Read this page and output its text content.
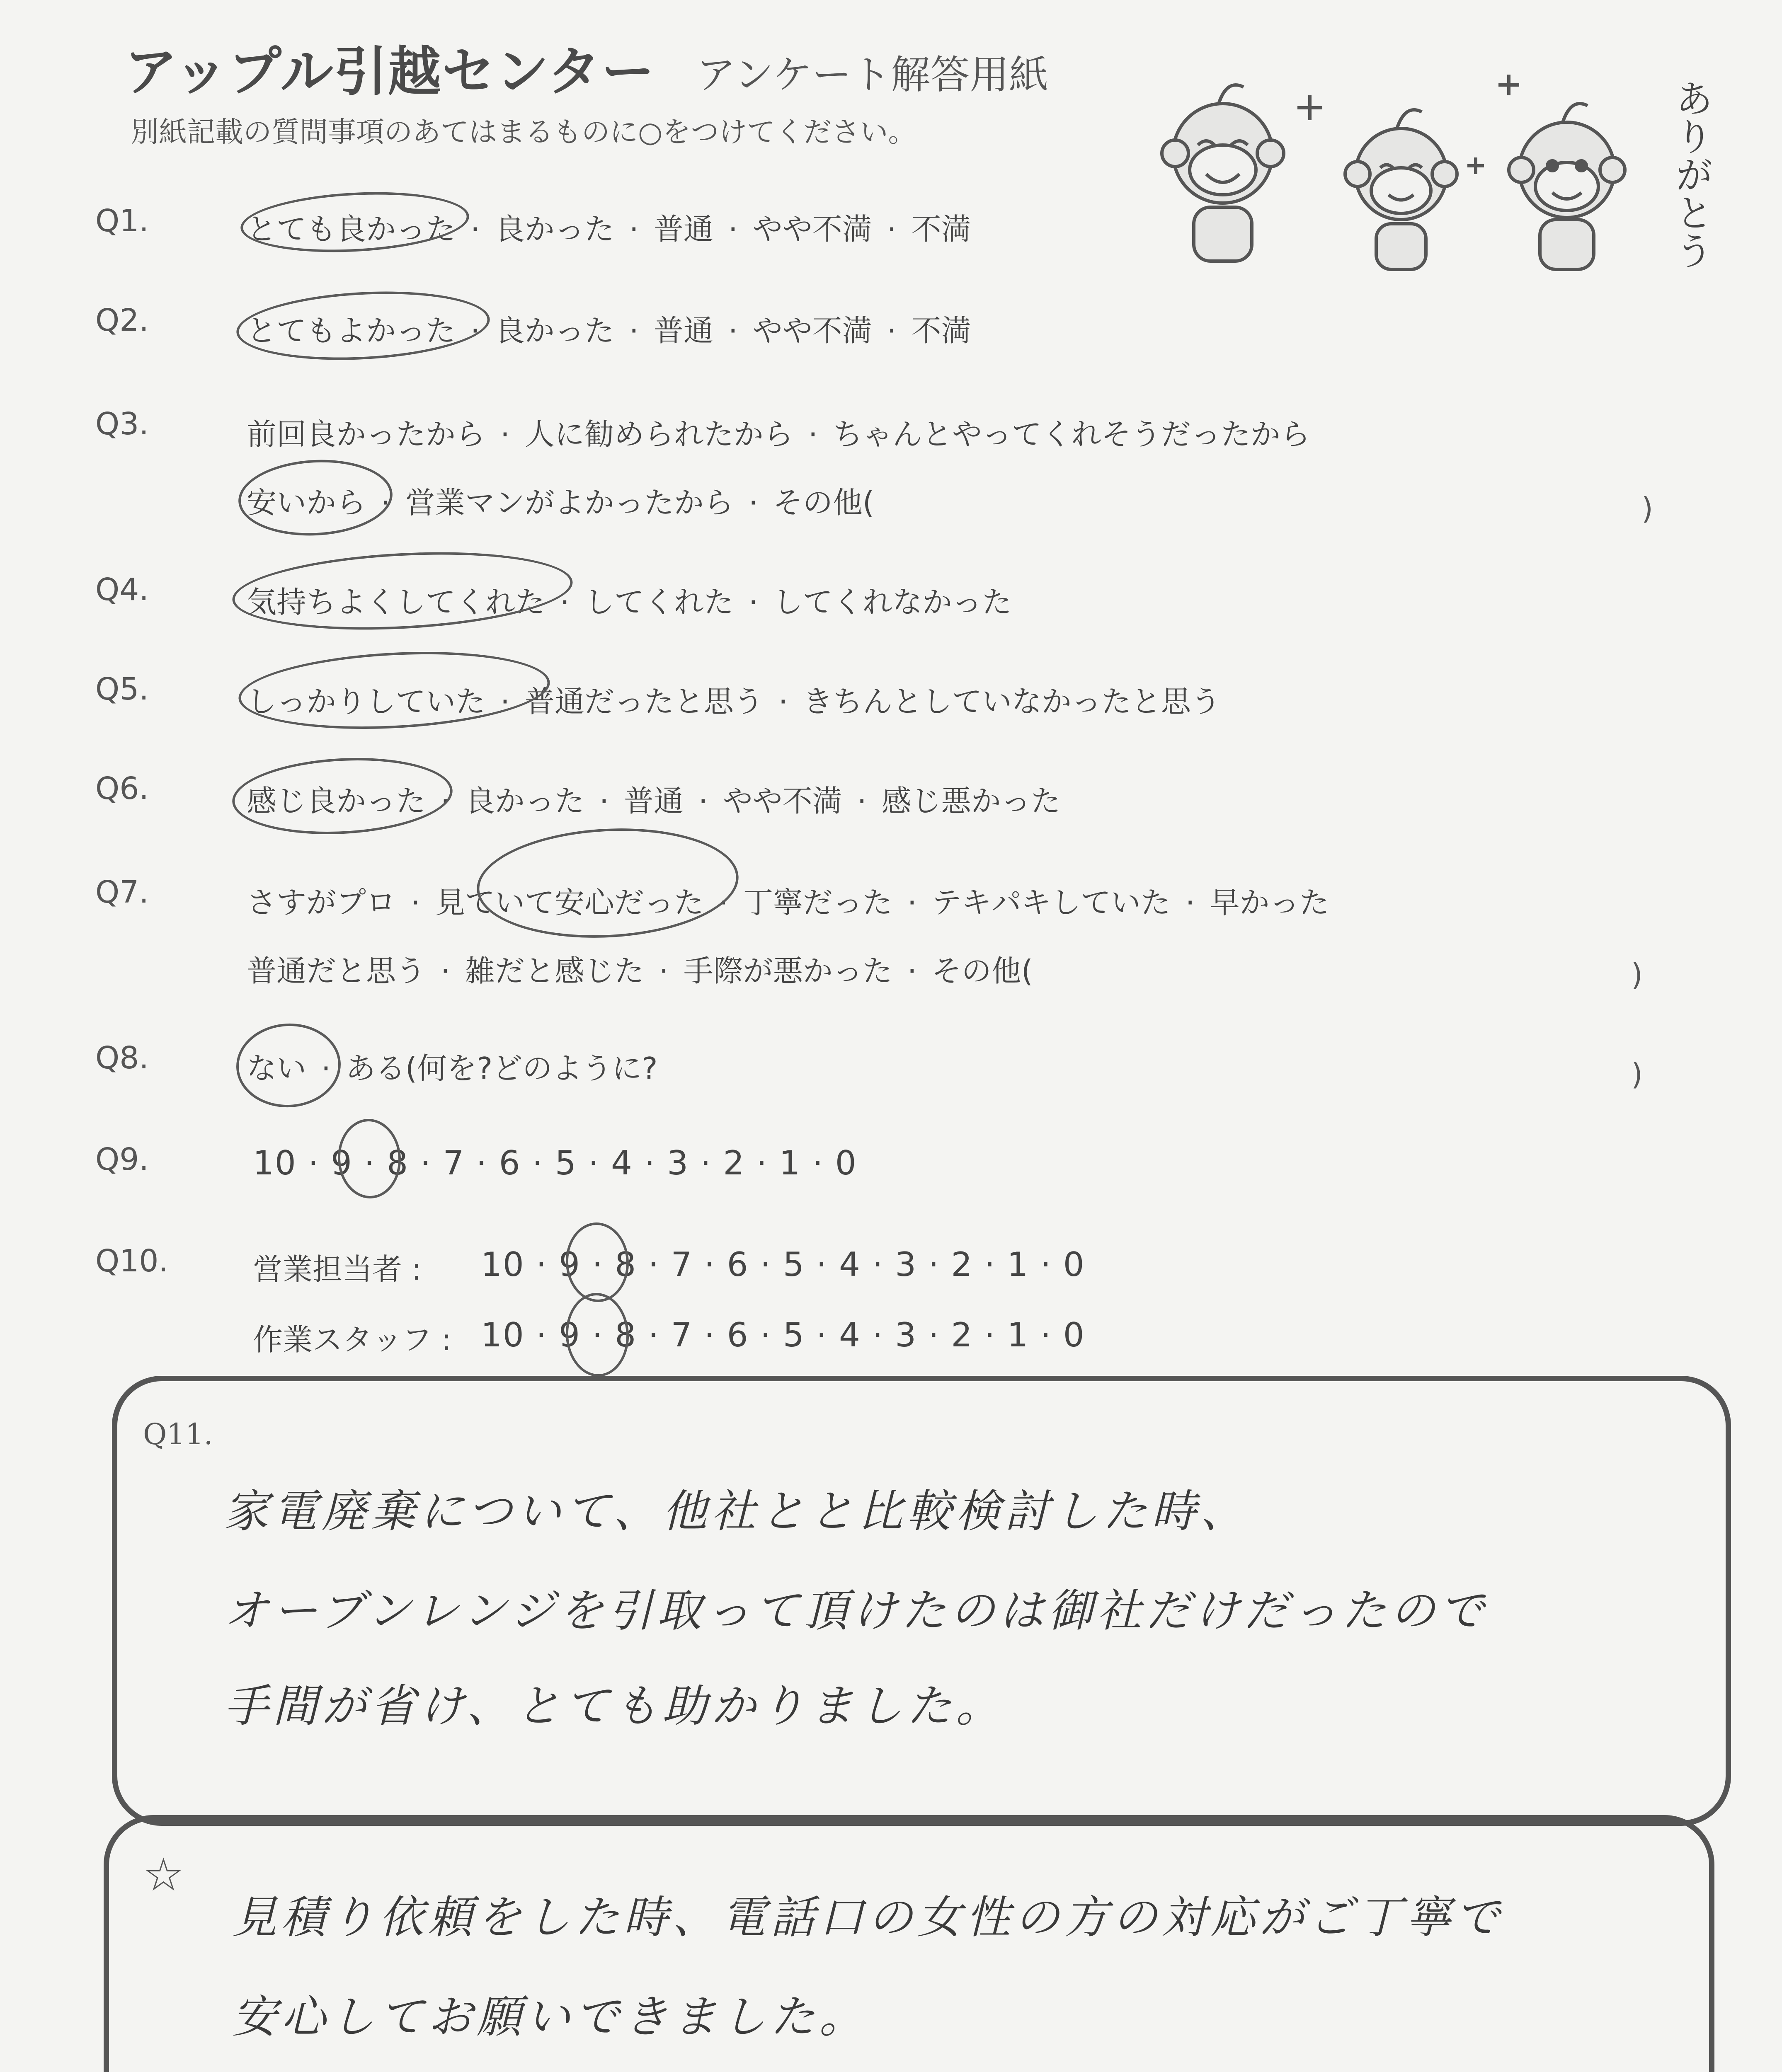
アップル引越センター アンケート解答用紙
別紙記載の質問事項のあてはまるものに○をつけてください。	ありがとう
Q1.	とても良かった · 良かった · 普通 · やや不満 · 不満
Q2.	とてもよかった · 良かった · 普通 · やや不満 · 不満
Q3.	前回良かったから · 人に勧められたから · ちゃんとやってくれそうだったから
安いから · 営業マンがよかったから · その他(	)
Q4.	気持ちよくしてくれた · してくれた · してくれなかった
Q5.	しっかりしていた · 普通だったと思う · きちんとしていなかったと思う
Q6.	感じ良かった · 良かった · 普通 · やや不満 · 感じ悪かった
Q7.	さすがプロ · 見ていて安心だった · 丁寧だった · テキパキしていた · 早かった
普通だと思う · 雑だと感じた · 手際が悪かった · その他(	)
Q8.	ない · ある(何を?どのように?	)
Q9.	10 · 9 · 8 · 7 · 6 · 5 · 4 · 3 · 2 · 1 · 0
Q10.	営業担当者 : 10 · 9 · 8 · 7 · 6 · 5 · 4 · 3 · 2 · 1 · 0
作業スタッフ : 10 · 9 · 8 · 7 · 6 · 5 · 4 · 3 · 2 · 1 · 0
Q11.
家電廃棄について、他社とと比較検討した時、
オーブンレンジを引取って頂けたのは御社だけだったので
手間が省け、とても助かりました。
☆
見積り依頼をした時、電話口の女性の方の対応がご丁寧で
安心してお願いできました。
